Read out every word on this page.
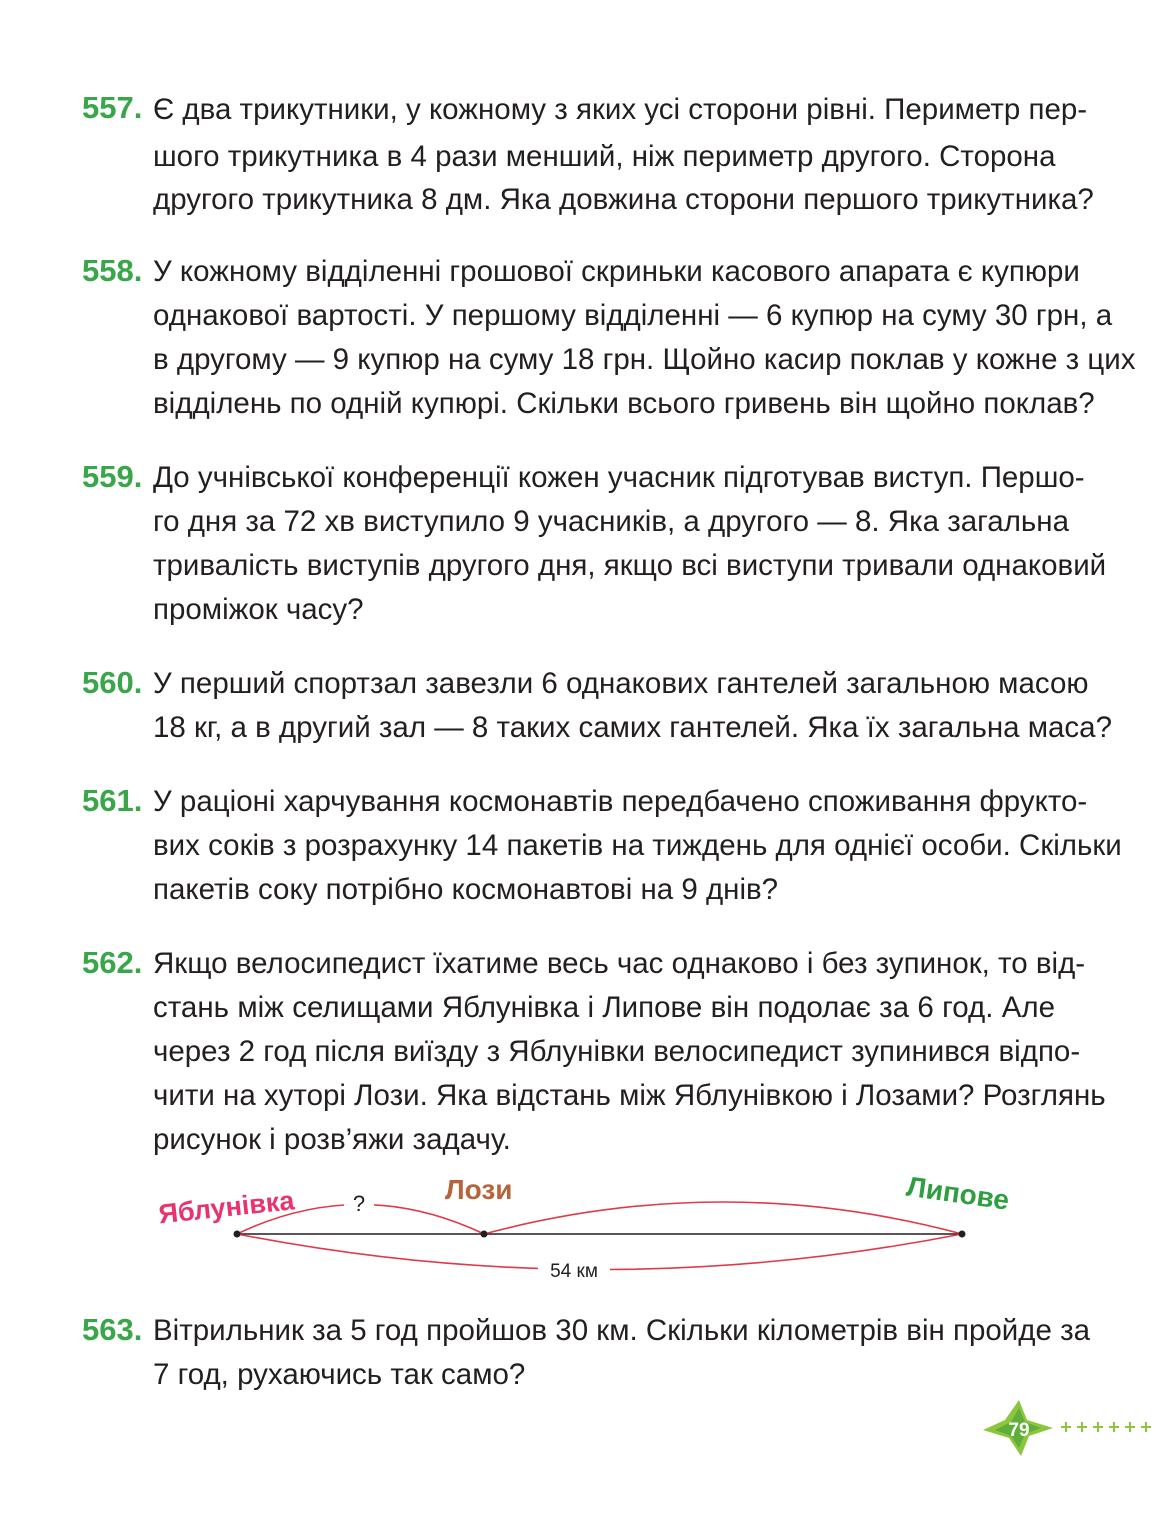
557. Є два трикутники, у кожному з яких усі сторони рівні. Периметр пер-
шого трикутника в 4 рази менший, ніж периметр другого. Сторона
другого трикутника 8 дм. Яка довжина сторони першого трикутника?
558. У кожному відділенні грошової скриньки касового апарата є купюри
однакової вартості. У першому відділенні — 6 купюр на суму 30 грн, а
в другому — 9 купюр на суму 18 грн. Щойно касир поклав у кожне з цих
відділень по одній купюрі. Скільки всього гривень він щойно поклав?
559. До учнівської конференції кожен учасник підготував виступ. Першо-
го дня за 72 хв виступило 9 учасників, а другого — 8. Яка загальна
тривалість виступів другого дня, якщо всі виступи тривали однаковий
проміжок часу?
560. У перший спортзал завезли 6 однакових гантелей загальною масою
18 кг, а в другий зал — 8 таких самих гантелей. Яка їх загальна маса?
561. У раціоні харчування космонавтів передбачено споживання фрукто-
вих соків з розрахунку 14 пакетів на тиждень для однієї особи. Скільки
пакетів соку потрібно космонавтові на 9 днів?
562. Якщо велосипедист їхатиме весь час однаково і без зупинок, то від-
стань між селищами Яблунівка і Липове він подолає за 6 год. Але
через 2 год після виїзду з Яблунівки велосипедист зупинився відпо-
чити на хуторі Лози. Яка відстань між Яблунівкою і Лозами? Розглянь
рисунок і розв’яжи задачу.
Яблунівка	Лози	Липове
?
54 км
563. Вітрильник за 5 год пройшов 30 км. Скільки кілометрів він пройде за
7 год, рухаючись так само?
79
